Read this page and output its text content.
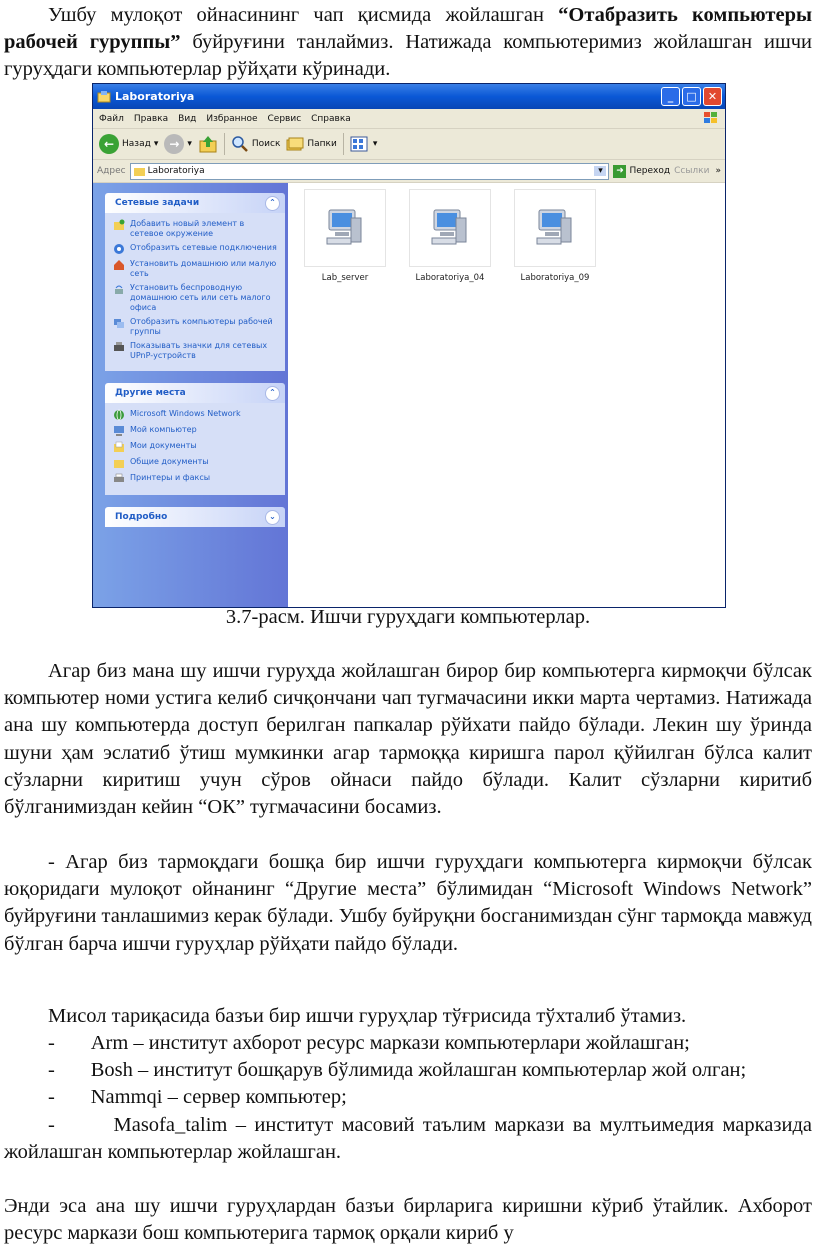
Ушбу мулоқот ойнасининг чап қисмида жойлашган “Отабразить компьютеры рабочей гуруппы” буйруғини танлаймиз. Натижада компьютеримиз жойлашган ишчи гуруҳдаги компьютерлар рўйҳати кўринади.

Laboratoriya	_	□	✕
Файл Правка Вид Избранное Сервис Справка
← Назад ▾ → ▾	Поиск	Папки	▾
Адрес Laboratoriya	▾	➜ Переход Ссылки »
Сетевые задачи	⌃
Добавить новый элемент в сетевое окружение
Отобразить сетевые подключения
Установить домашнюю или малую сеть
Установить беспроводную домашнюю сеть или сеть малого офиса
Отобразить компьютеры рабочей группы
Показывать значки для сетевых UPnP-устройств
Другие места	⌃
Microsoft Windows Network
Мой компьютер
Мои документы
Общие документы
Принтеры и факсы
Подробно	⌄
Lab_server	Laboratoriya_04	Laboratoriya_09

3.7-расм. Ишчи гуруҳдаги компьютерлар.

Агар биз мана шу ишчи гуруҳда жойлашган бирор бир компьютерга кирмоқчи бўлсак компьютер номи устига келиб сичқончани чап тугмачасини икки марта чертамиз. Натижада ана шу компьютерда доступ берилган папкалар рўйхати пайдо бўлади. Лекин шу ўринда шуни ҳам эслатиб ўтиш мумкинки агар тармоққа киришга парол қўйилган бўлса калит сўзларни киритиш учун сўров ойнаси пайдо бўлади. Калит сўзларни киритиб бўлганимиздан кейин “ОК” тугмачасини босамиз.

- Агар биз тармоқдаги бошқа бир ишчи гуруҳдаги компьютерга кирмоқчи бўлсак юқоридаги мулоқот ойнанинг “Другие места” бўлимидан “Microsoft Windows Network” буйруғини танлашимиз керак бўлади. Ушбу буйруқни босганимиздан сўнг тармоқда мавжуд бўлган барча ишчи гуруҳлар рўйҳати пайдо бўлади.

Мисол тариқасида базъи бир ишчи гуруҳлар тўғрисида тўхталиб ўтамиз.

-       Arm – институт ахборот ресурс маркази компьютерлари жойлашган;

-       Bosh – институт бошқарув бўлимида жойлашган компьютерлар жой олган;

-       Nammqi – сервер компьютер;

-       Masofa_talim – институт масовий таълим маркази ва мултьимедия марказида жойлашган компьютерлар жойлашган.

Энди эса ана шу ишчи гуруҳлардан базъи бирларига киришни кўриб ўтайлик. Ахборот ресурс маркази бош компьютерига тармоқ орқали кириб у
